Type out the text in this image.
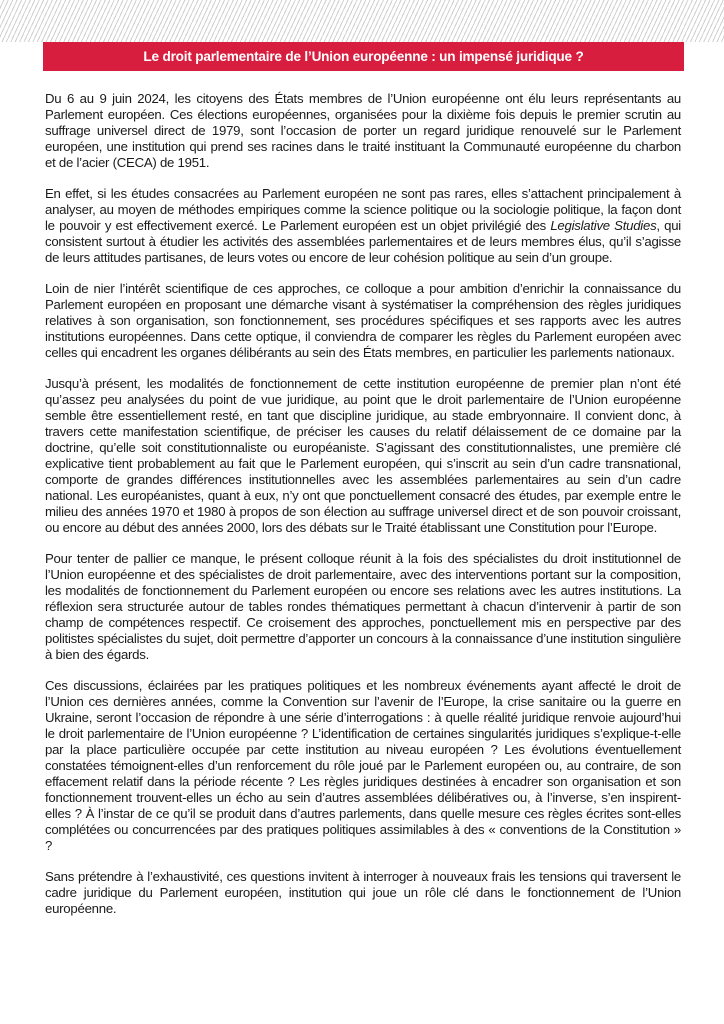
Le droit parlementaire de l’Union européenne : un impensé juridique ?

Du 6 au 9 juin 2024, les citoyens des États membres de l’Union européenne ont élu leurs représentants au Parlement européen. Ces élections européennes, organisées pour la dixième fois depuis le premier scrutin au suffrage universel direct de 1979, sont l’occasion de porter un regard juridique renouvelé sur le Parlement européen, une institution qui prend ses racines dans le traité instituant la Communauté européenne du charbon et de l’acier (CECA) de 1951.

En effet, si les études consacrées au Parlement européen ne sont pas rares, elles s’attachent principalement à analyser, au moyen de méthodes empiriques comme la science politique ou la sociologie politique, la façon dont le pouvoir y est effectivement exercé. Le Parlement européen est un objet privilégié des Legislative Studies, qui consistent surtout à étudier les activités des assemblées parlementaires et de leurs membres élus, qu’il s’agisse de leurs attitudes partisanes, de leurs votes ou encore de leur cohésion politique au sein d’un groupe.

Loin de nier l’intérêt scientifique de ces approches, ce colloque a pour ambition d’enrichir la connaissance du Parlement européen en proposant une démarche visant à systématiser la compréhension des règles juridiques relatives à son organisation, son fonctionnement, ses procédures spécifiques et ses rapports avec les autres institutions européennes. Dans cette optique, il conviendra de comparer les règles du Parlement européen avec celles qui encadrent les organes délibérants au sein des États membres, en particulier les parlements nationaux.

Jusqu’à présent, les modalités de fonctionnement de cette institution européenne de premier plan n’ont été qu’assez peu analysées du point de vue juridique, au point que le droit parlementaire de l’Union européenne semble être essentiellement resté, en tant que discipline juridique, au stade embryonnaire. Il convient donc, à travers cette manifestation scientifique, de préciser les causes du relatif délaissement de ce domaine par la doctrine, qu’elle soit constitutionnaliste ou européaniste. S’agissant des constitutionnalistes, une première clé explicative tient probablement au fait que le Parlement européen, qui s’inscrit au sein d’un cadre transnational, comporte de grandes différences institutionnelles avec les assemblées parlementaires au sein d’un cadre national. Les européanistes, quant à eux, n’y ont que ponctuellement consacré des études, par exemple entre le milieu des années 1970 et 1980 à propos de son élection au suffrage universel direct et de son pouvoir croissant, ou encore au début des années 2000, lors des débats sur le Traité établissant une Constitution pour l’Europe.

Pour tenter de pallier ce manque, le présent colloque réunit à la fois des spécialistes du droit institutionnel de l’Union européenne et des spécialistes de droit parlementaire, avec des interventions portant sur la composition, les modalités de fonctionnement du Parlement européen ou encore ses relations avec les autres institutions. La réflexion sera structurée autour de tables rondes thématiques permettant à chacun d’intervenir à partir de son champ de compétences respectif. Ce croisement des approches, ponctuellement mis en perspective par des politistes spécialistes du sujet, doit permettre d’apporter un concours à la connaissance d’une institution singulière à bien des égards.

Ces discussions, éclairées par les pratiques politiques et les nombreux événements ayant affecté le droit de l’Union ces dernières années, comme la Convention sur l’avenir de l’Europe, la crise sanitaire ou la guerre en Ukraine, seront l’occasion de répondre à une série d’interrogations : à quelle réalité juridique renvoie aujourd’hui le droit parlementaire de l’Union européenne ? L’identification de certaines singularités juridiques s’explique-t-elle par la place particulière occupée par cette institution au niveau européen ? Les évolutions éventuellement constatées témoignent-elles d’un renforcement du rôle joué par le Parlement européen ou, au contraire, de son effacement relatif dans la période récente ? Les règles juridiques destinées à encadrer son organisation et son fonctionnement trouvent-elles un écho au sein d’autres assemblées délibératives ou, à l’inverse, s’en inspirent-elles ? À l’instar de ce qu’il se produit dans d’autres parlements, dans quelle mesure ces règles écrites sont-elles complétées ou concurrencées par des pratiques politiques assimilables à des « conventions de la Constitution » ?

Sans prétendre à l’exhaustivité, ces questions invitent à interroger à nouveaux frais les tensions qui traversent le cadre juridique du Parlement européen, institution qui joue un rôle clé dans le fonctionnement de l’Union européenne.
